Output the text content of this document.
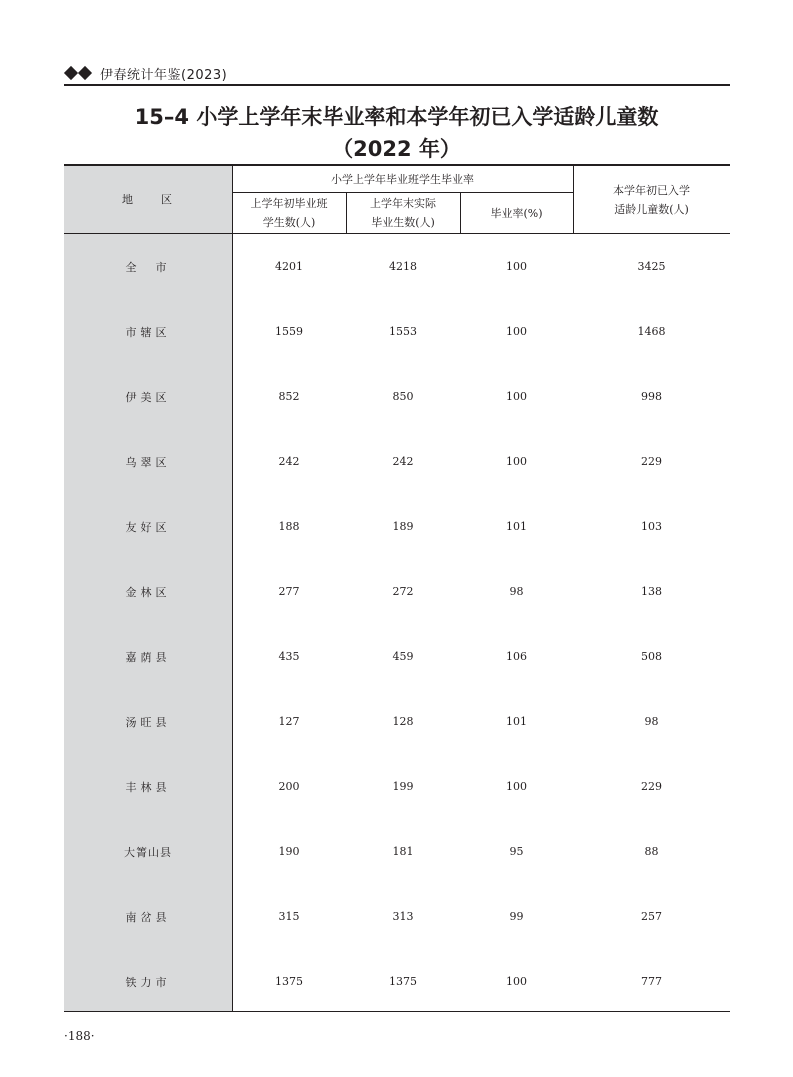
伊春统计年鉴(2023)
15–4 小学上学年末毕业率和本学年初已入学适龄儿童数
（2022 年）
地　　区
小学上学年毕业班学生毕业率
上学年初毕业班
学生数(人)
上学年末实际
毕业生数(人)
毕业率(%)
本学年初已入学
适龄儿童数(人)
全　市	4201	4218	100	3425
市辖区	1559	1553	100	1468
伊美区	852	850	100	998
乌翠区	242	242	100	229
友好区	188	189	101	103
金林区	277	272	98	138
嘉荫县	435	459	106	508
汤旺县	127	128	101	98
丰林县	200	199	100	229
大箐山县	190	181	95	88
南岔县	315	313	99	257
铁力市	1375	1375	100	777
·188·
